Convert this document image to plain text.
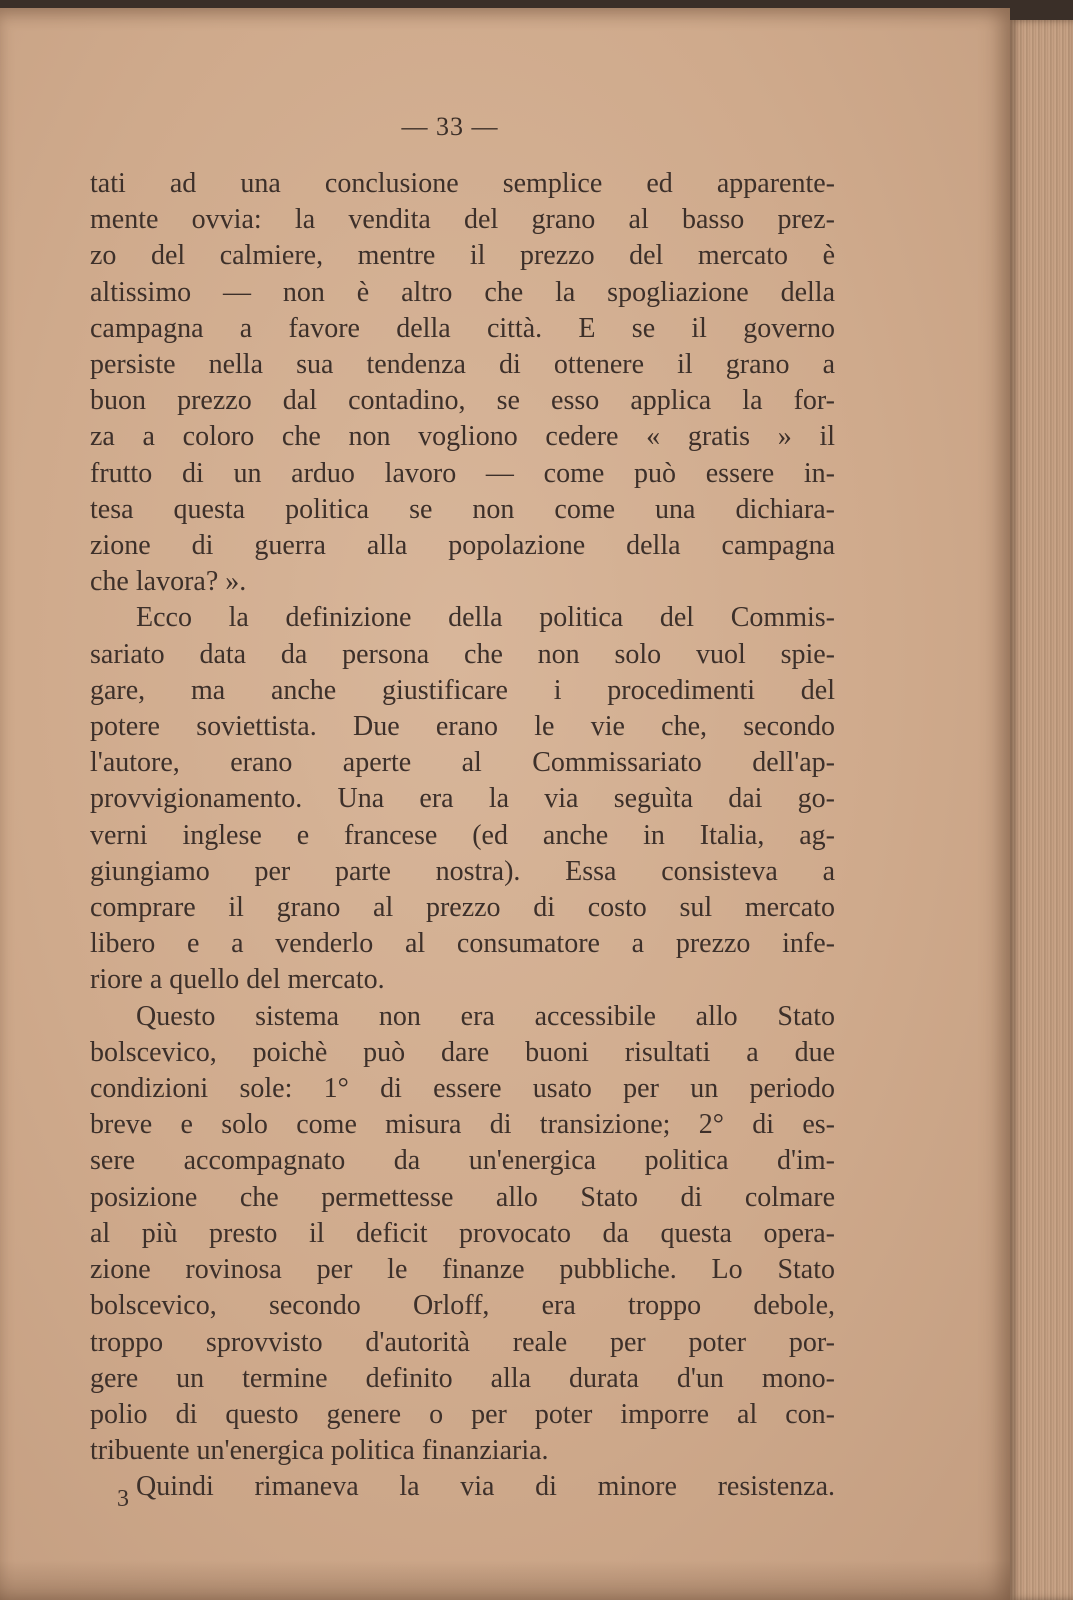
— 33 —
tati ad una conclusione semplice ed apparente-
mente ovvia: la vendita del grano al basso prez-
zo del calmiere, mentre il prezzo del mercato è
altissimo — non è altro che la spogliazione della
campagna a favore della città. E se il governo
persiste nella sua tendenza di ottenere il grano a
buon prezzo dal contadino, se esso applica la for-
za a coloro che non vogliono cedere « gratis » il
frutto di un arduo lavoro — come può essere in-
tesa questa politica se non come una dichiara-
zione di guerra alla popolazione della campagna
che lavora? ».
Ecco la definizione della politica del Commis-
sariato data da persona che non solo vuol spie-
gare, ma anche giustificare i procedimenti del
potere soviettista. Due erano le vie che, secondo
l'autore, erano aperte al Commissariato dell'ap-
provvigionamento. Una era la via seguìta dai go-
verni inglese e francese (ed anche in Italia, ag-
giungiamo per parte nostra). Essa consisteva a
comprare il grano al prezzo di costo sul mercato
libero e a venderlo al consumatore a prezzo infe-
riore a quello del mercato.
Questo sistema non era accessibile allo Stato
bolscevico, poichè può dare buoni risultati a due
condizioni sole: 1° di essere usato per un periodo
breve e solo come misura di transizione; 2° di es-
sere accompagnato da un'energica politica d'im-
posizione che permettesse allo Stato di colmare
al più presto il deficit provocato da questa opera-
zione rovinosa per le finanze pubbliche. Lo Stato
bolscevico, secondo Orloff, era troppo debole,
troppo sprovvisto d'autorità reale per poter por-
gere un termine definito alla durata d'un mono-
polio di questo genere o per poter imporre al con-
tribuente un'energica politica finanziaria.
Quindi rimaneva la via di minore resistenza.
3
